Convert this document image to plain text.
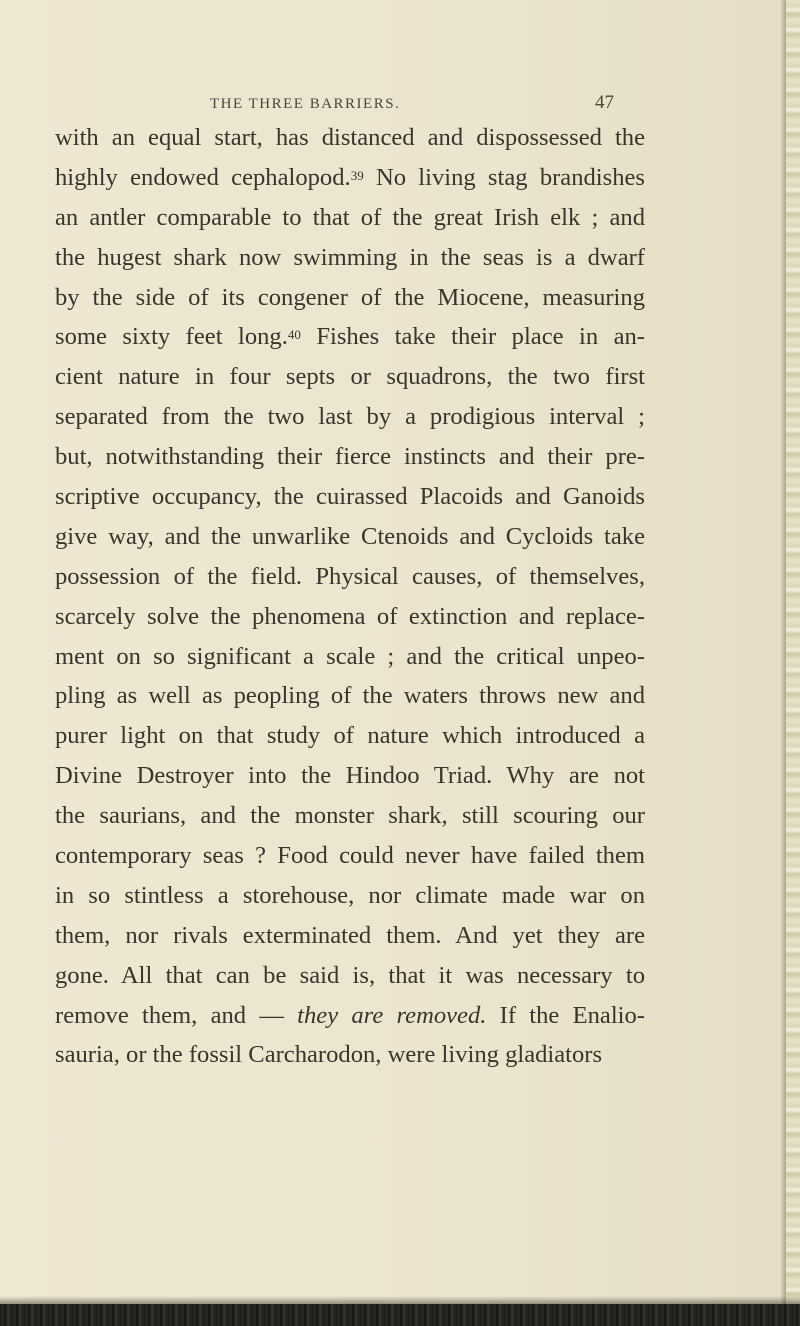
THE THREE BARRIERS.	47
with an equal start, has distanced and dispossessed the
highly endowed cephalopod.$^{39}$ No living stag brandishes
an antler comparable to that of the great Irish elk ; and
the hugest shark now swimming in the seas is a dwarf
by the side of its congener of the Miocene, measuring
some sixty feet long.$^{40}$ Fishes take their place in an-
cient nature in four septs or squadrons, the two first
separated from the two last by a prodigious interval ;
but, notwithstanding their fierce instincts and their pre-
scriptive occupancy, the cuirassed Placoids and Ganoids
give way, and the unwarlike Ctenoids and Cycloids take
possession of the field. Physical causes, of themselves,
scarcely solve the phenomena of extinction and replace-
ment on so significant a scale ; and the critical unpeo-
pling as well as peopling of the waters throws new and
purer light on that study of nature which introduced a
Divine Destroyer into the Hindoo Triad. Why are not
the saurians, and the monster shark, still scouring our
contemporary seas ? Food could never have failed them
in so stintless a storehouse, nor climate made war on
them, nor rivals exterminated them. And yet they are
gone. All that can be said is, that it was necessary to
remove them, and — they are removed. If the Enalio-
sauria, or the fossil Carcharodon, were living gladiators
